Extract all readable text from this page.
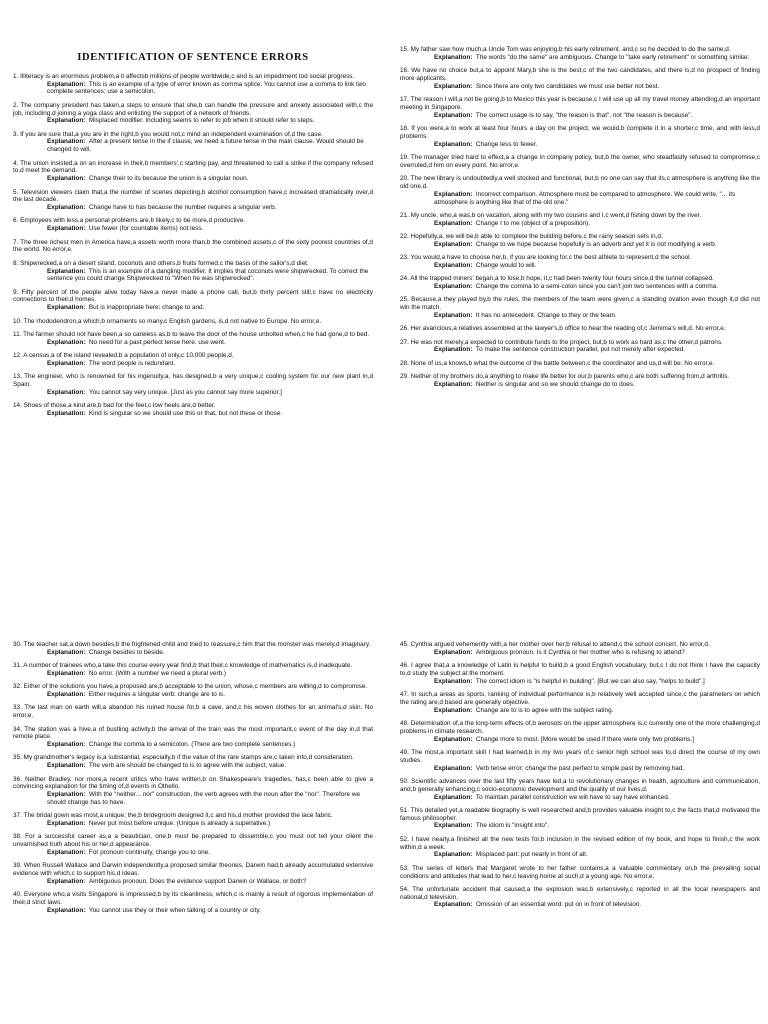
IDENTIFICATION OF SENTENCE ERRORS
1. Illiteracy is an enormous problem,a it affectsb millions of people worldwide,c and is an impediment tod social progress.
Explanation: This is an example of a type of error known as comma splice. You cannot use a comma to link two complete sentences; use a semicolon.
2. The company president has taken,a steps to ensure that she,b can handle the pressure and anxiety associated with,c the job, including,d joining a yoga class and enlisting the support of a network of friends.
Explanation: Misplaced modifier. Including seems to refer to job when it should refer to steps.
3. If you are sure that,a you are in the right,b you would not,c mind an independent examination of,d the case.
Explanation: After a present tense in the if clause, we need a future tense in the main clause. Would should be changed to will.
4. The union insisted,a on an increase in their,b members',c starting pay, and threatened to call a strike if the company refused to,d meet the demand.
Explanation: Change their to its because the union is a singular noun.
5. Television viewers claim that,a the number of scenes depicting,b alcohol consumption have,c increased dramatically over,d the last decade.
Explanation: Change have to has because the number requires a singular verb.
6. Employees with less,a personal problems are,b likely,c to be more,d productive.
Explanation: Use fewer (for countable items) not less.
7. The three richest men in America have,a assets worth more than,b the combined assets,c of the sixty poorest countries of,d the world. No error,e.
8. Shipwrecked,a on a desert island, coconuts and others,b fruits formed,c the basis of the sailor's,d diet.
Explanation: This is an example of a dangling modifier. It implies that coconuts were shipwrecked. To correct the sentence you could change Shipwrecked to "When he was shipwrecked".
9. Fifty percent of the people alive today have,a never made a phone call, but,b thirty percent still,c have no electricity connections to their,d homes.
Explanation: But is inappropriate here; change to and.
10. The rhododendron,a which,b ornaments so many,c English gardens, is,d not native to Europe. No error,e.
11. The farmer should not have been,a so careless as,b to leave the door of the house unbolted when,c he had gone,d to bed.
Explanation: No need for a past perfect tense here: use went.
12. A census,a of the island revealed,b a population of only,c 10,000 people,d.
Explanation: The word people is redundant.
13. The engineer, who is renowned for his ingenuity,a, has designed,b a very unique,c cooling system for our new plant in,d Spain.
Explanation: You cannot say very unique. [Just as you cannot say more superior.]
14. Shoes of those,a kind are,b bad for the feet,c low heels are,d better.
Explanation: Kind is singular so we should use this or that, but not these or those.
15. My father saw how much,a Uncle Tom was enjoying,b his early retirement, and,c so he decided to do the same,d.
Explanation: The words "do the same" are ambiguous. Change to "take early retirement" or something similar.
16. We have no choice but,a to appoint Mary,b she is the best,c of the two candidates, and there is,d no prospect of finding more applicants.
Explanation: Since there are only two candidates we must use better not best.
17. The reason I will,a not be going,b to Mexico this year is because,c I will use up all my travel money attending,d an important meeting in Singapore.
Explanation: The correct usage is to say, "the reason is that", not "the reason is because".
18. If you were,a to work at least four hours a day on the project, we would,b complete it in a shorter,c time, and with less,d problems.
Explanation: Change less to fewer.
19. The manager tried hard to effect,a a change in company policy, but,b the owner, who steadfastly refused to compromise,c overruled,d him on every point. No error,e.
20. The new library is undoubtedly,a well stocked and functional, but,b no one can say that its,c atmosphere is anything like the old one,d.
Explanation: Incorrect comparison. Atmosphere must be compared to atmosphere. We could write, "... its atmosphere is anything like that of the old one."
21. My uncle, who,a was,b on vacation, along with my two cousins and I,c went,d fishing down by the river.
Explanation: Change I to me (object of a preposition).
22. Hopefully,a, we will be,b able to complete the building before,c the rainy season sets in,d.
Explanation: Change to we hope because hopefully is an adverb and yet it is not modifying a verb.
23. You would,a have to choose her,b, if you are looking for,c the best athlete to represent,d the school.
Explanation: Change would to will.
24. All the trapped miners' began,a to lose,b hope, it,c had been twenty four hours since,d the tunnel collapsed.
Explanation: Change the comma to a semi-colon since you can't join two sentences with a comma.
25. Because,a they played by,b the rules, the members of the team were given,c a standing ovation even though it,d did not win the match.
Explanation: It has no antecedent. Change to they or the team.
26. Her avaricious,a relatives assembled at the lawyer's,b office to hear the reading of,c Jemima's will,d. No error,e.
27. He was not merely,a expected to contribute funds to the project, but,b to work as hard as,c the other,d patrons.
Explanation: To make the sentence construction parallel, put not merely after expected.
28. None of us,a knows,b what the outcome of the battle between,c the coordinator and us,d will be. No error,e.
29. Neither of my brothers do,a anything to make life better for our,b parents who,c are both suffering from,d arthritis.
Explanation: Neither is singular and so we should change do to does.
30. The teacher sat,a down besides,b the frightened child and tried to reassure,c him that the monster was merely,d imaginary.
Explanation: Change besides to beside.
31. A number of trainees who,a take this course every year find,b that their,c knowledge of mathematics is,d inadequate.
Explanation: No error. (With a number we need a plural verb.)
32. Either of the solutions you have,a proposed are,b acceptable to the union, whose,c members are willing,d to compromise.
Explanation: Either requires a singular verb: change are to is.
33. The last man on earth will,a abandon his ruined house for,b a cave, and,c his woven clothes for an animal's,d skin. No error,e.
34. The station was a hive,a of bustling activity,b the arrival of the train was the most important,c event of the day in,d that remote place.
Explanation: Change the comma to a semicolon. (There are two complete sentences.)
35. My grandmother's legacy is,a substantial, especially,b if the value of the rare stamps are,c taken into,d consideration.
Explanation: The verb are should be changed to is to agree with the subject, value.
36. Neither Bradley, nor more,a recent critics who have written,b on Shakespeare's tragedies, has,c been able to give a convincing explanation for the timing of,d events in Othello.
Explanation: With the "neither... nor" construction, the verb agrees with the noun after the "nor". Therefore we should change has to have.
37. The bridal gown was most,a unique; the,b bridegroom designed it,c and his,d mother provided the lace fabric.
Explanation: Never put most before unique. (Unique is already a superlative.)
38. For a successful career as,a a beautician, one,b must be prepared to dissemble,c you must not tell your client the unvarnished truth about his or her,d appearance.
Explanation: For pronoun continuity, change you to one.
39. When Russell Wallace and Darwin independently,a proposed similar theories, Darwin had,b already accumulated extensive evidence with which,c to support his,d ideas.
Explanation: Ambiguous pronoun. Does the evidence support Darwin or Wallace, or both?
40. Everyone who,a visits Singapore is impressed,b by its cleanliness, which,c is mainly a result of rigorous implementation of their,d strict laws.
Explanation: You cannot use they or their when talking of a country or city.
45. Cynthia argued vehemently with,a her mother over her,b refusal to attend,c the school concert. No error,d.
Explanation: Ambiguous pronoun. Is it Cynthia or her mother who is refusing to attend?
46. I agree that,a a knowledge of Latin is helpful to build,b a good English vocabulary, but,c I do not think I have the capacity to,d study the subject at the moment.
Explanation: The correct idiom is "is helpful in building". [But we can also say, "helps to build".]
47. In such,a areas as sports, ranking of individual performance is,b relatively well accepted since,c the parameters on which the rating are,d based are generally objective.
Explanation: Change are to is to agree with the subject rating.
48. Determination of,a the long-term effects of,b aerosols on the upper atmosphere is,c currently one of the more challenging,d problems in climate research.
Explanation: Change more to most. [More would be used if there were only two problems.]
49. The most,a important skill I had learned,b in my two years of,c senior high school was to,d direct the course of my own studies.
Explanation: Verb tense error: change the past perfect to simple past by removing had.
50. Scientific advances over the last fifty years have led,a to revolutionary changes in health, agriculture and communication, and,b generally enhancing,c socio-economic development and the quality of our lives,d.
Explanation: To maintain parallel construction we will have to say have enhanced.
51. This detailed yet,a readable biography is well researched and,b provides valuable insight to,c the facts that,d motivated the famous philosopher.
Explanation: The idiom is "insight into".
52. I have nearly,a finished all the new tests for,b inclusion in the revised edition of my book, and hope to finish,c the work within,d a week.
Explanation: Misplaced part: put nearly in front of all.
53. The series of letters that Margaret wrote to her father contains,a a valuable commentary on,b the prevailing social conditions and attitudes that lead to her,c leaving home at such,d a young age. No error,e.
54. The unfortunate accident that caused,a the explosion was,b extensively,c reported in all the local newspapers and national,d television.
Explanation: Omission of an essential word: put on in front of television.
